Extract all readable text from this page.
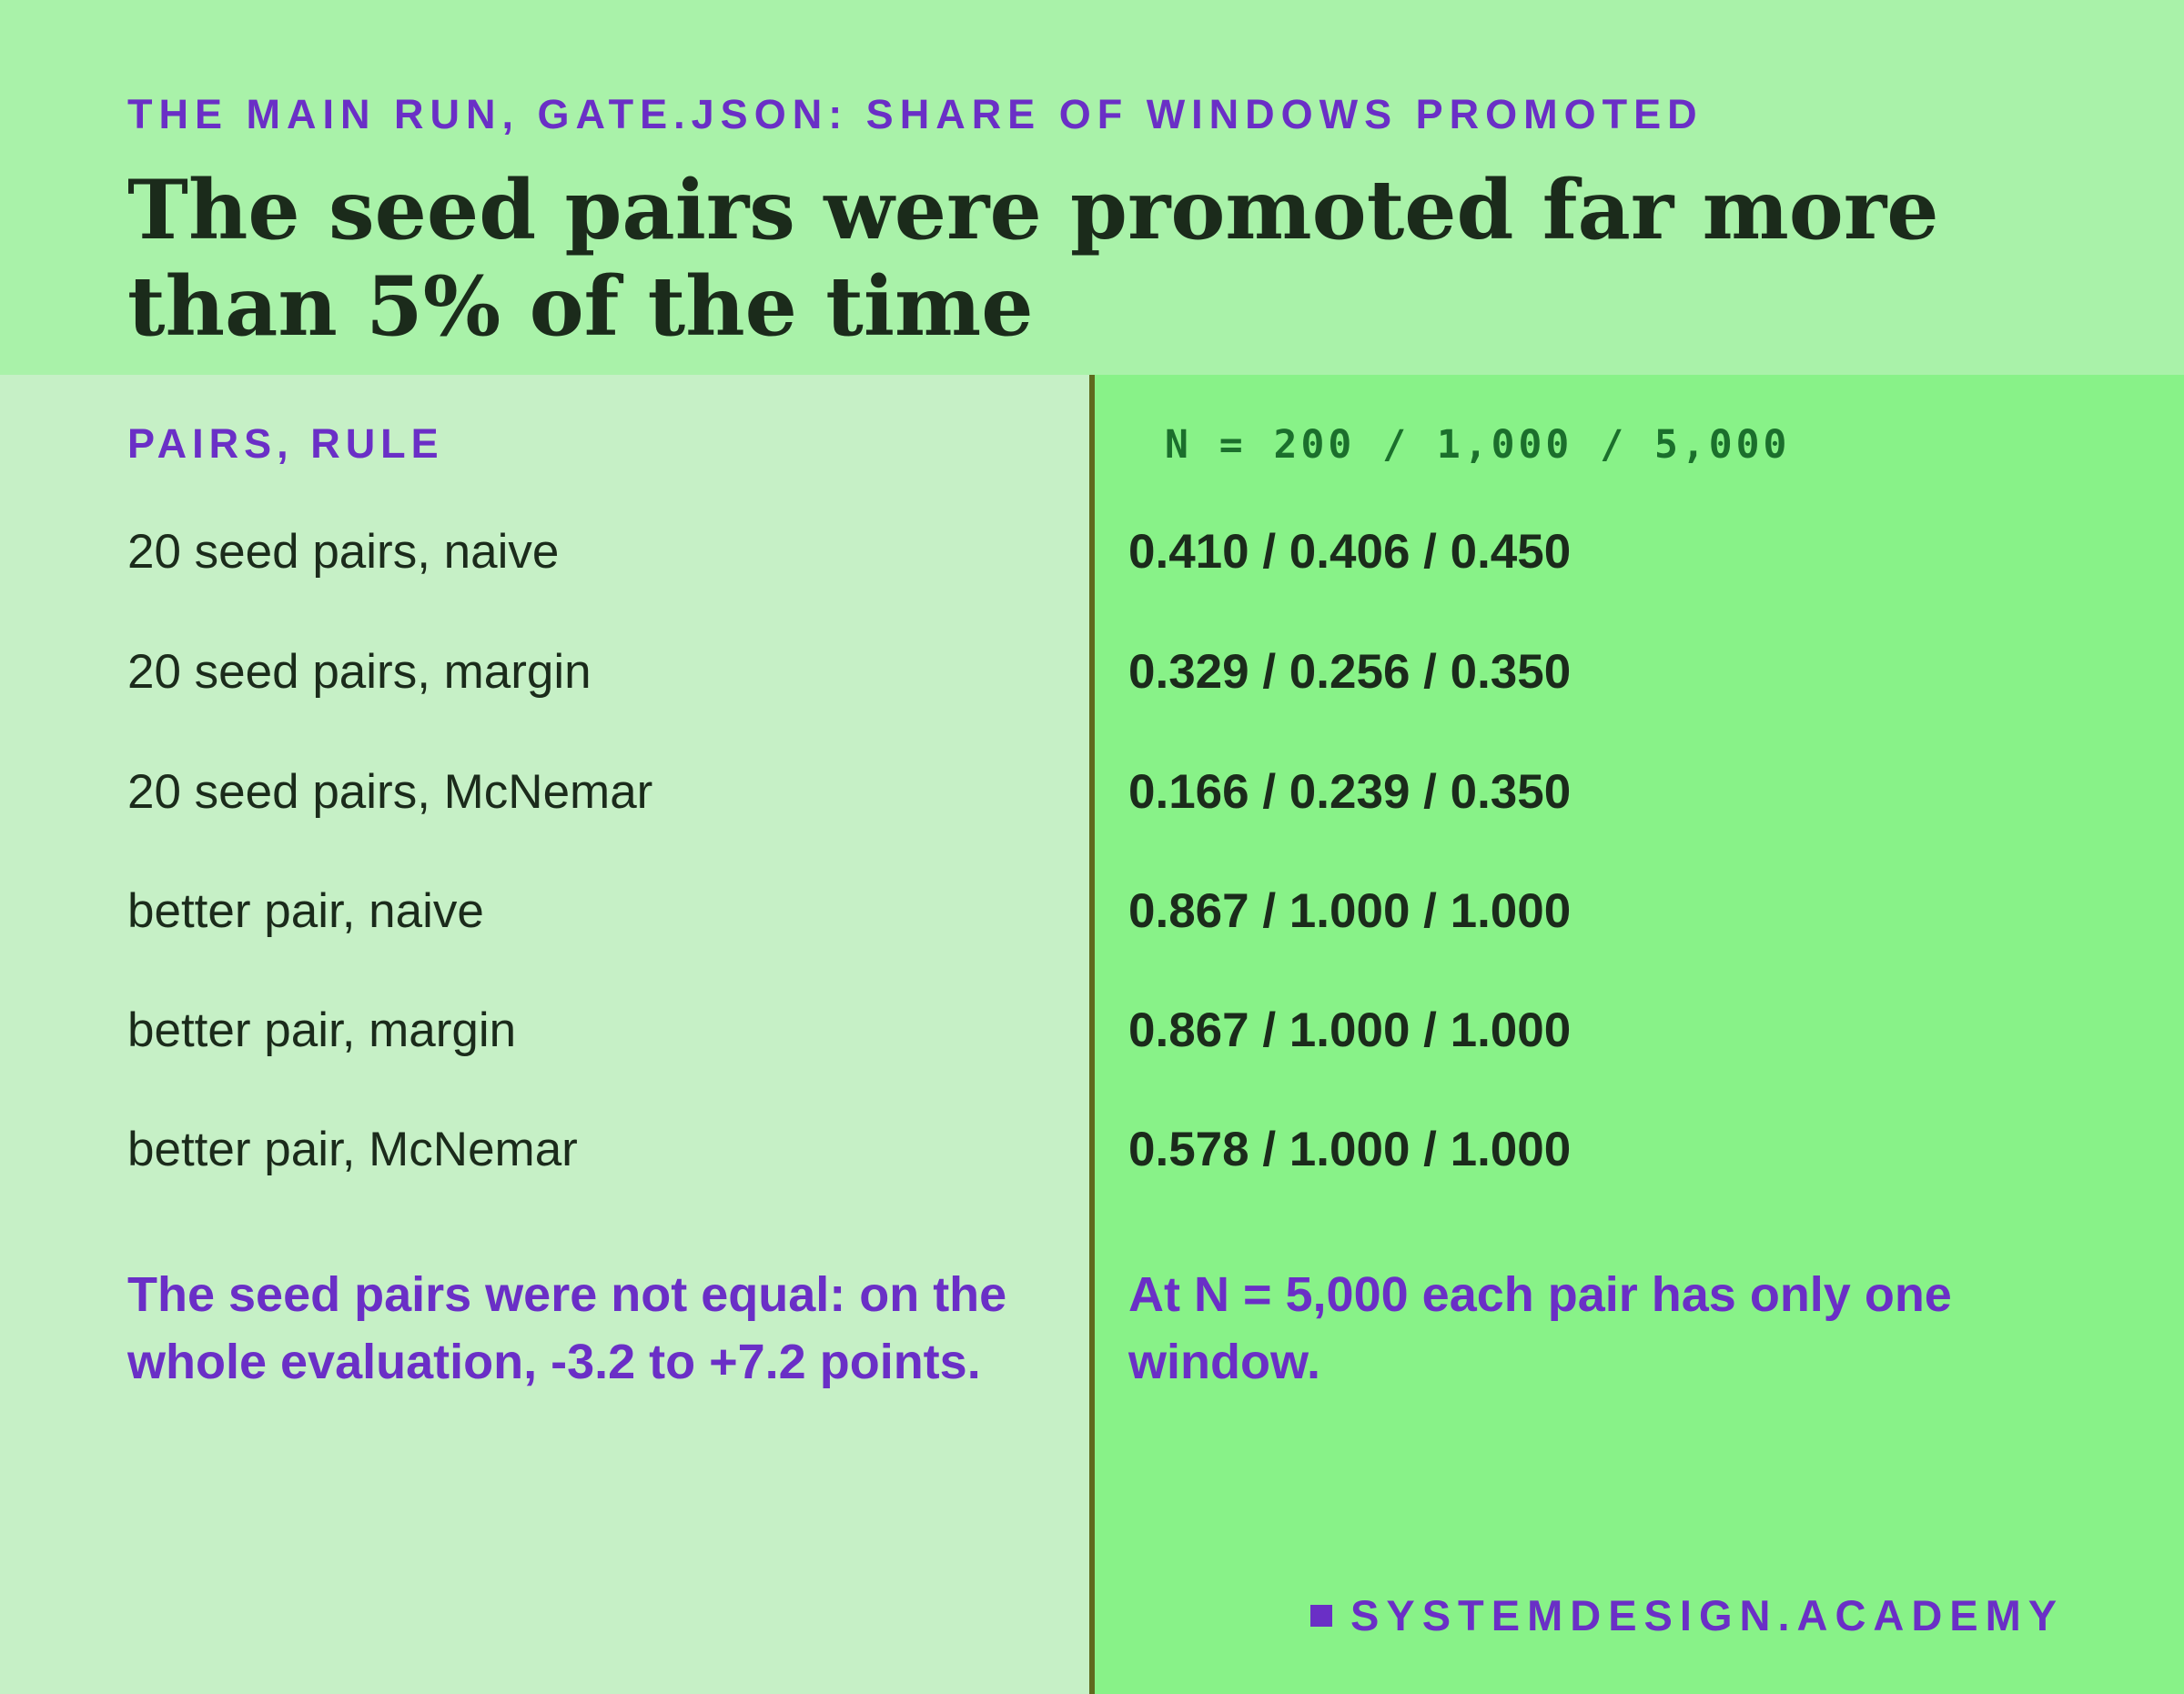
THE MAIN RUN, GATE.JSON: SHARE OF WINDOWS PROMOTED
The seed pairs were promoted far more than 5% of the time
PAIRS, RULE	N = 200 / 1,000 / 5,000
20 seed pairs, naive	0.410 / 0.406 / 0.450
20 seed pairs, margin	0.329 / 0.256 / 0.350
20 seed pairs, McNemar	0.166 / 0.239 / 0.350
better pair, naive	0.867 / 1.000 / 1.000
better pair, margin	0.867 / 1.000 / 1.000
better pair, McNemar	0.578 / 1.000 / 1.000
The seed pairs were not equal: on the whole evaluation, -3.2 to +7.2 points.
At N = 5,000 each pair has only one window.
SYSTEMDESIGN.ACADEMY
